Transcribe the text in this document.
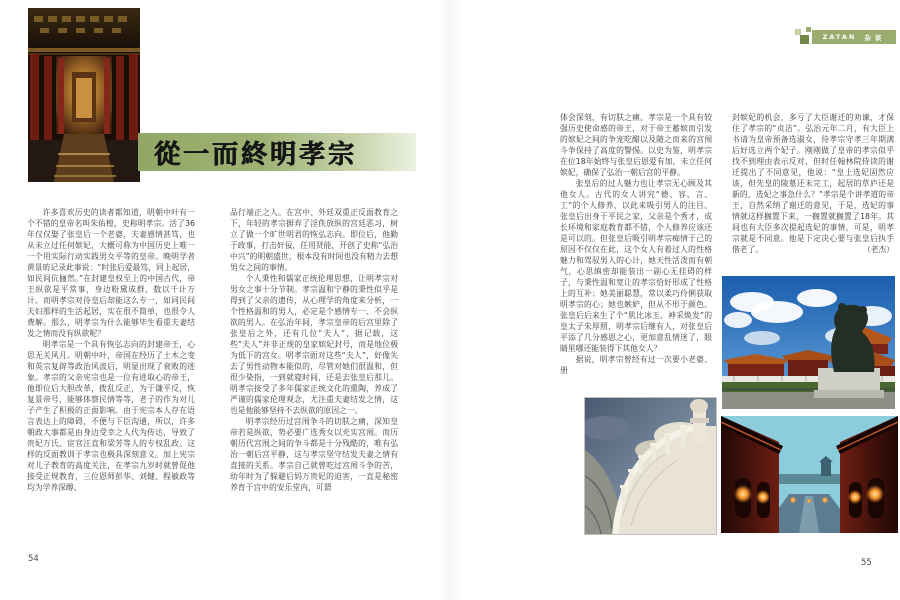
從一而終明孝宗

许多喜欢历史的读者都知道，明朝中叶有一个不错的皇帝名叫朱佑樘，史称明孝宗。活了36年仅仅娶了张皇后一个老婆，夫妻感情甚笃，也从未立过任何嫔妃，大概可称为中国历史上唯一一个用实际行动实践男女平等的皇帝。晚明学者黄景昉记录此事说：“时张后爱最笃，同上起居，如民间伉俪然。”在封建皇权至上的中国古代，帝王纵欲是平常事，身边粉黛成群，数以千计万计。而明孝宗对待皇后却能这么专一，如同民间夫妇那样的生活起居，实在很不简单，也很令人费解。那么，明孝宗为什么能够毕生看重夫妻结发之情而没有纵欲呢？

明孝宗是一个具有恢弘志向的封建帝王，心思无关风月。明朝中叶，帝国在经历了土木之变和英宗复辟等政治风波后，明显出现了衰败的迹象。孝宗的父亲宪宗也是一位有进取心的帝王，他即位后大胆改革，拨乱反正，为于谦平反，恢复景帝号，能够体察民情等等，老子的作为对儿子产生了积极的正面影响。由于宪宗本人存在语言表达上的障碍，不便与下臣沟通，所以，许多朝政大事都是由身边受幸之人代为传达，导致了贵妃万氏、宦官汪直和梁芳等人的专权乱政。这样的反面教训于孝宗也极具深刻意义。加上宪宗对儿子教育的高度关注，在孝宗九岁时就曾促他接受正规教育，三位恩师彭华、刘健、程敏政等均为学养深醇、

品行端正之人。在宫中、外廷双重正反面教育之下，年轻的孝宗摒弃了淫佚放纵的宫廷恶习，树立了做一个旷世明君的恢弘志向。即位后，他勤于政事，打击奸佞，任用贤能，开创了史称“弘治中兴”的明朝盛世，根本没有时间也没有精力去想男女之间的事情。

个人秉性和儒家正统伦理思想，让明孝宗对男女之事十分节制。孝宗温和宁静的秉性似乎是得到了父亲的遗传，从心理学的角度来分析，一个性格温和的男人，必定是个感情专一、不会纵欲的男人。在弘治年间，孝宗皇帝的后宫里除了张皇后之外，还有几位“夫人”，据记载，这些“夫人”并非正规的皇家嫔妃封号，而是地位极为低下的宫女。明孝宗面对这些“夫人”，好像失去了男性动物本能似的，尽管对她们很温和，但很少染指，一到就寝时间，还是去张皇后那儿。明孝宗接受了多年儒家正统文化的熏陶，养成了严谨的儒家伦理观念，尤注重夫妻结发之情，这也是他能够坚持不去纵欲的原因之一。

明孝宗经历过宫闱争斗的切肤之痛，深知皇帝若是纵欲，势必要广选秀女以充实宫闱。而历朝历代宫闱之间的争斗都是十分残酷的，唯有弘治一朝后宫平静，这与孝宗坚守结发夫妻之情有直接的关系。孝宗自己就曾吃过宫闱斗争的苦，幼年时为了躲避后妈万贵妃的迫害，一直是秘密养育于宫中的安乐堂内，可谓

54
ZATAN 杂谈

体会深刻，有切肤之痛。孝宗是一个具有较强历史使命感的帝王，对于帝王蓄嫔而引发的嫔妃之间的争宠吃醋以及随之而来的宫闱斗争保持了高度的警惕。以史为鉴，明孝宗在位18年始终与张皇后恩爱有加，未立任何嫔妃，确保了弘治一朝后宫的平静。

张皇后的过人魅力也让孝宗无心顾及其他女人。古代的女人讲究“德、容、言、工”的个人修养，以此来吸引男人的注目。张皇后出身于平民之家，父亲是个秀才，成长环境和家庭教育都不错，个人修养应该还是可以的。但张皇后吸引明孝宗痴情于己的原因不仅仅在此，这个女人有着过人的性格魅力和驾驭男人的心计，她天性活泼而有朝气，心思缜密却能装出一副心无挂碍的样子，与秉性温和宽让的孝宗恰好形成了性格上的互补；她美丽聪慧，常以柔巧伶俐获取明孝宗的心；她也嫉妒，但从不形于颜色。张皇后后来生了个“肌比冰玉、神采焕发”的皇太子朱厚照，明孝宗后继有人，对张皇后平添了几分感恩之心，更加意乱情迷了，眼睛里哪还能装得下其他女人？

据说，明孝宗曾经有过一次要小老婆、册

封嫔妃的机会，多亏了大臣谢迁的劝谏，才保住了孝宗的“贞洁”。弘治元年二月，有大臣上书请为皇帝预备选淑女，待孝宗守孝三年期满后好选立两个妃子。刚刚做了皇帝的孝宗似乎找不到理由表示反对，但时任翰林院侍读的谢迁提出了不同意见，他说：“皇上选妃固然应该，但先皇的陵墓还未完工，起居的草庐还是新的，选妃之事急什么？”孝宗是个讲孝道的帝王，自然采纳了谢迁的意见，于是，选妃的事情就这样搁置下来，一搁置就搁置了18年。其间也有大臣多次提起选妃的事情，可是，明孝宗就是不同意。他是下定决心要与张皇后执手偕老了。	（老杰）

55
